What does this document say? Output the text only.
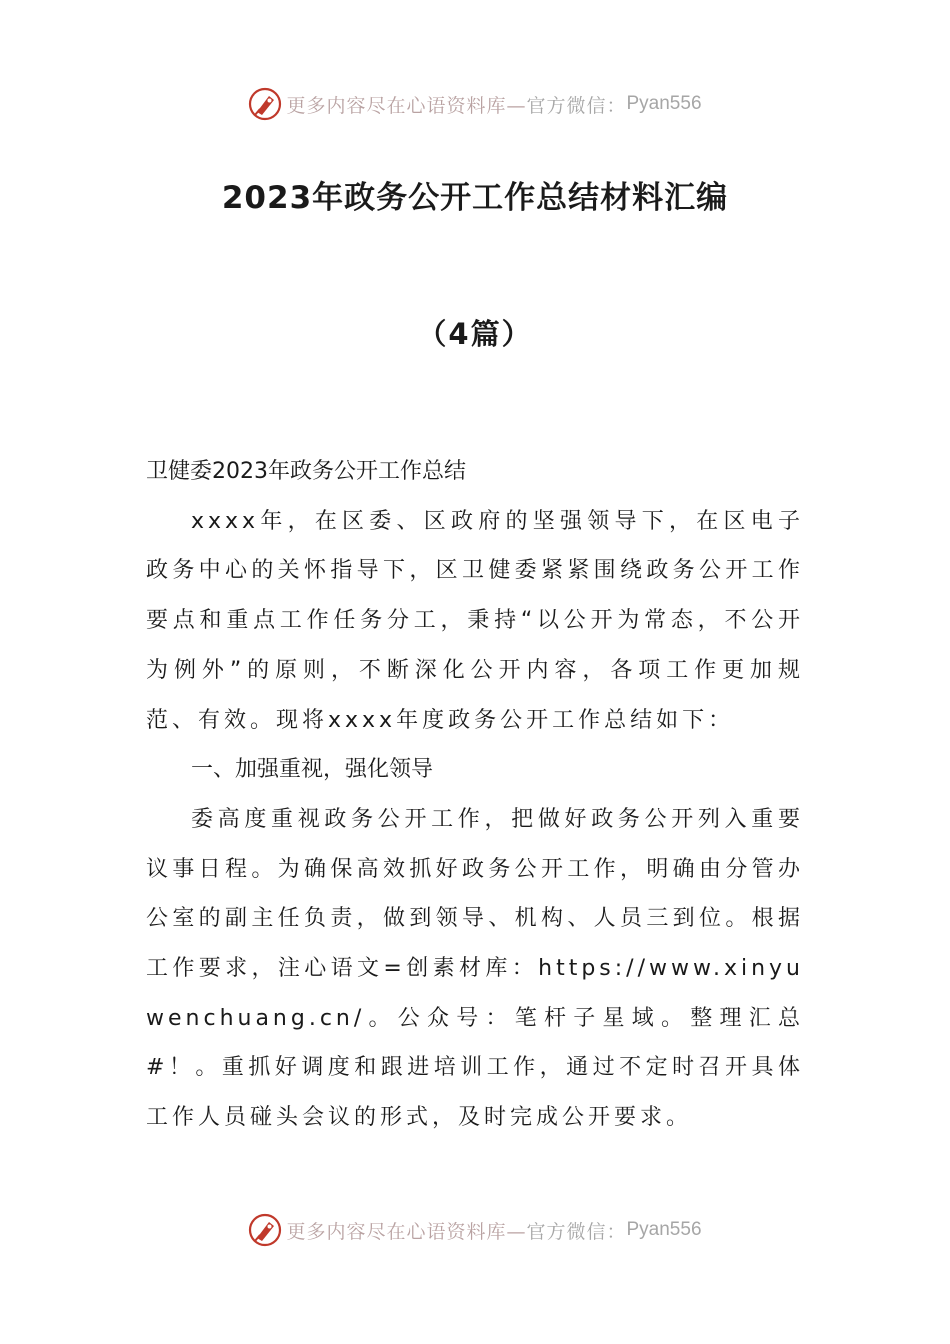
更多内容尽在心语资料库— 官方微信： Pyan556
2023年政务公开工作总结材料汇编
（4篇）

卫健委2023年政务公开工作总结

xxxx年，在区委、区政府的坚强领导下，在区电子政务中心的关怀指导下，区卫健委紧紧围绕政务公开工作要点和重点工作任务分工，秉持“以公开为常态，不公开为例外”的原则，不断深化公开内容，各项工作更加规范、有效。现将xxxx年度政务公开工作总结如下：

一、加强重视，强化领导

委高度重视政务公开工作，把做好政务公开列入重要议事日程。为确保高效抓好政务公开工作，明确由分管办公室的副主任负责，做到领导、机构、人员三到位。根据工作要求，注心语文=创素材库：https://www.xinyuwenchuang.cn/。公众号：笔杆子星域。整理汇总#！。重抓好调度和跟进培训工作，通过不定时召开具体工作人员碰头会议的形式，及时完成公开要求。

更多内容尽在心语资料库— 官方微信： Pyan556
